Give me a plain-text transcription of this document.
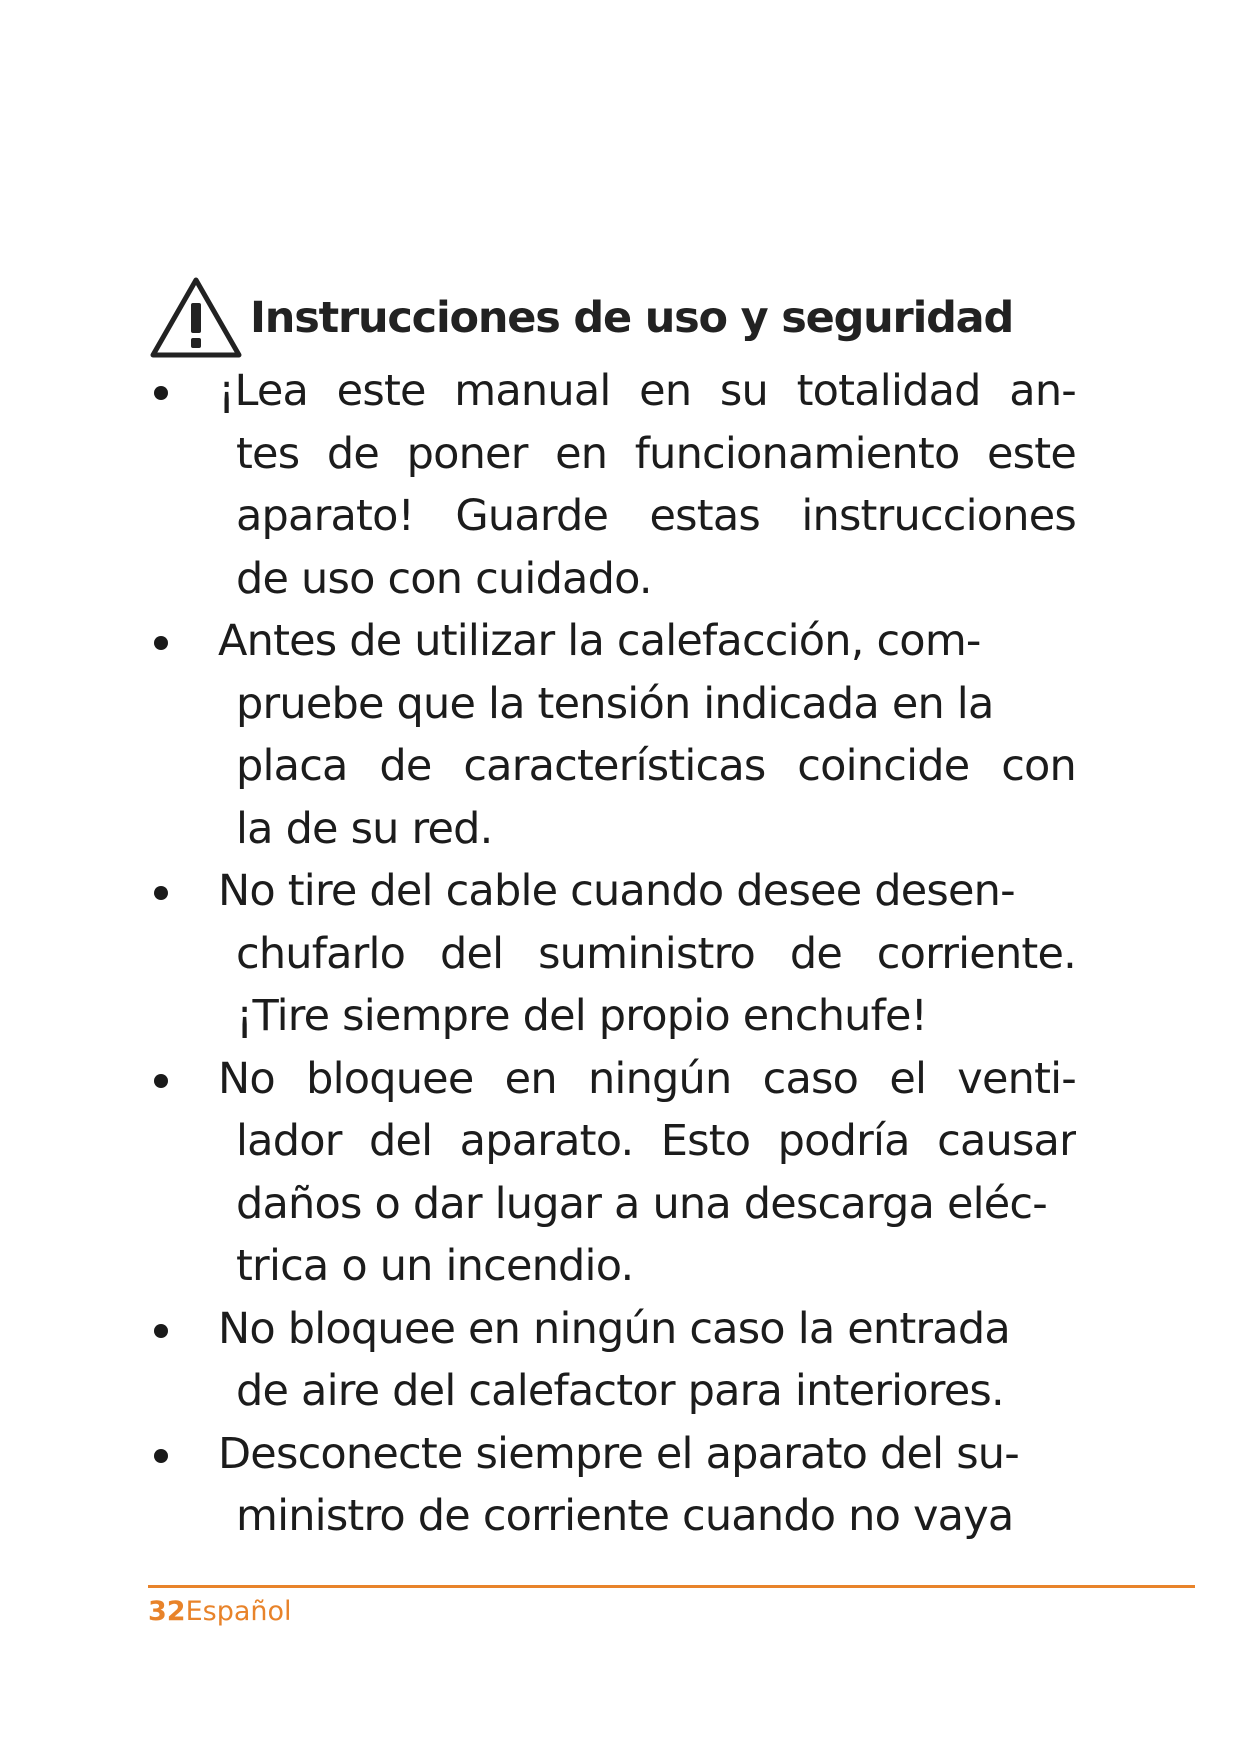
Instrucciones de uso y seguridad
¡Lea este manual en su totalidad an-
tes de poner en funcionamiento este
aparato! Guarde estas instrucciones
de uso con cuidado.
Antes de utilizar la calefacción, com-
pruebe que la tensión indicada en la
placa de características coincide con
la de su red.
No tire del cable cuando desee desen-
chufarlo del suministro de corriente.
¡Tire siempre del propio enchufe!
No bloquee en ningún caso el venti-
lador del aparato. Esto podría causar
daños o dar lugar a una descarga eléc-
trica o un incendio.
No bloquee en ningún caso la entrada
de aire del calefactor para interiores.
Desconecte siempre el aparato del su-
ministro de corriente cuando no vaya
32Español
